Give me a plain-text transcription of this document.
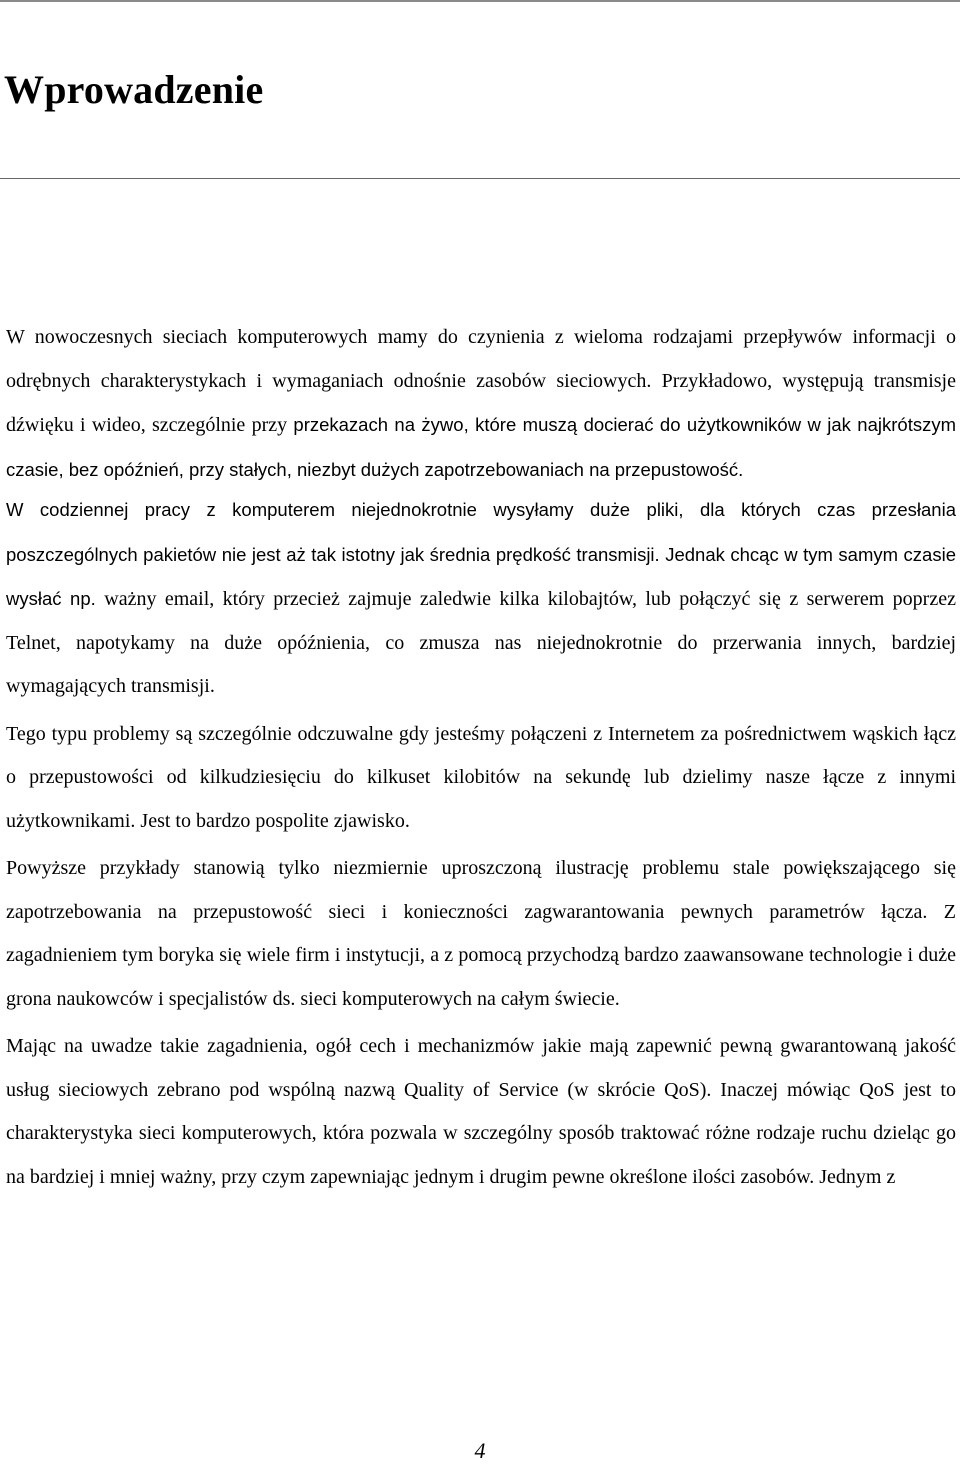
Wprowadzenie

W nowoczesnych sieciach komputerowych mamy do czynienia z wieloma rodzajami przepływów informacji o odrębnych charakterystykach i wymaganiach odnośnie zasobów sieciowych. Przykładowo, występują transmisje dźwięku i wideo, szczególnie przy przekazach na żywo, które muszą docierać do użytkowników w jak najkrótszym czasie, bez opóźnień, przy stałych, niezbyt dużych zapotrzebowaniach na przepustowość.

W codziennej pracy z komputerem niejednokrotnie wysyłamy duże pliki, dla których czas przesłania poszczególnych pakietów nie jest aż tak istotny jak średnia prędkość transmisji. Jednak chcąc w tym samym czasie wysłać np. ważny email, który przecież zajmuje zaledwie kilka kilobajtów, lub połączyć się z serwerem poprzez Telnet, napotykamy na duże opóźnienia, co zmusza nas niejednokrotnie do przerwania innych, bardziej wymagających transmisji.

Tego typu problemy są szczególnie odczuwalne gdy jesteśmy połączeni z Internetem za pośrednictwem wąskich łącz o przepustowości od kilkudziesięciu do kilkuset kilobitów na sekundę lub dzielimy nasze łącze z innymi użytkownikami. Jest to bardzo pospolite zjawisko.

Powyższe przykłady stanowią tylko niezmiernie uproszczoną ilustrację problemu stale powiększającego się zapotrzebowania na przepustowość sieci i konieczności zagwarantowania pewnych parametrów łącza. Z zagadnieniem tym boryka się wiele firm i instytucji, a z pomocą przychodzą bardzo zaawansowane technologie i duże grona naukowców i specjalistów ds. sieci komputerowych na całym świecie.

Mając na uwadze takie zagadnienia, ogół cech i mechanizmów jakie mają zapewnić pewną gwarantowaną jakość usług sieciowych zebrano pod wspólną nazwą Quality of Service (w skrócie QoS). Inaczej mówiąc QoS jest to charakterystyka sieci komputerowych, która pozwala w szczególny sposób traktować różne rodzaje ruchu dzieląc go na bardziej i mniej ważny, przy czym zapewniając jednym i drugim pewne określone ilości zasobów. Jednym z

4
